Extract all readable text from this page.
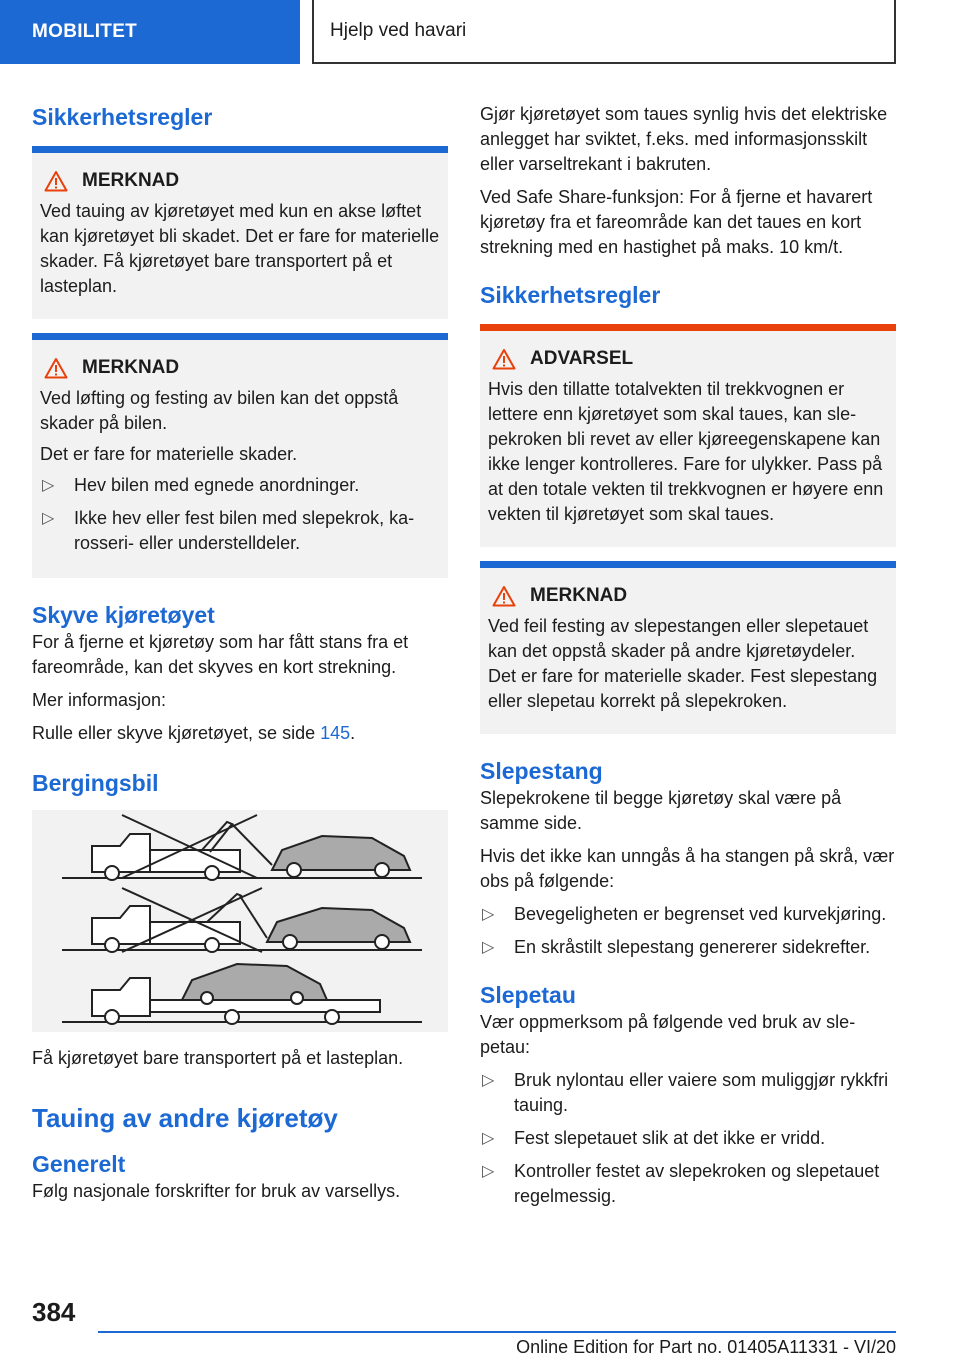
MOBILITET	Hjelp ved havari
Sikkerhetsregler
MERKNAD

Ved tauing av kjøretøyet med kun en akse løftet kan kjøretøyet bli skadet. Det er fare for materielle skader. Få kjøretøyet bare transportert på et lasteplan.

MERKNAD

Ved løfting og festing av bilen kan det oppstå skader på bilen.

Det er fare for materielle skader.

▷ Hev bilen med egnede anordninger.
▷ Ikke hev eller fest bilen med slepekrok, karosseri- eller understelldeler.
Skyve kjøretøyet

For å fjerne et kjøretøy som har fått stans fra et fareområde, kan det skyves en kort strekning.

Mer informasjon:

Rulle eller skyve kjøretøyet, se side 145.

Bergingsbil

Få kjøretøyet bare transportert på et lasteplan.

Tauing av andre kjøretøy
Generelt

Følg nasjonale forskrifter for bruk av varsellys.

Gjør kjøretøyet som taues synlig hvis det elektriske anlegget har sviktet, f.eks. med informasjonsskilt eller varseltrekant i bakruten.

Ved Safe Share-funksjon: For å fjerne et havarert kjøretøy fra et fareområde kan det taues en kort strekning med en hastighet på maks. 10 km/t.

Sikkerhetsregler
ADVARSEL

Hvis den tillatte totalvekten til trekkvognen er lettere enn kjøretøyet som skal taues, kan slepekroken bli revet av eller kjøreegenskapene kan ikke lenger kontrolleres. Fare for ulykker. Pass på at den totale vekten til trekkvognen er høyere enn vekten til kjøretøyet som skal taues.

MERKNAD

Ved feil festing av slepestangen eller slepetauet kan det oppstå skader på andre kjøretøydeler. Det er fare for materielle skader. Fest slepestang eller slepetau korrekt på slepekroken.

Slepestang

Slepekrokene til begge kjøretøy skal være på samme side.

Hvis det ikke kan unngås å ha stangen på skrå, vær obs på følgende:

▷ Bevegeligheten er begrenset ved kurvekjøring.
▷ En skråstilt slepestang genererer sidekrefter.
Slepetau

Vær oppmerksom på følgende ved bruk av slepetau:

▷ Bruk nylontau eller vaiere som muliggjør rykkfri tauing.
▷ Fest slepetauet slik at det ikke er vridd.
▷ Kontroller festet av slepekroken og slepetauet regelmessig.
384
Online Edition for Part no. 01405A11331 - VI/20
